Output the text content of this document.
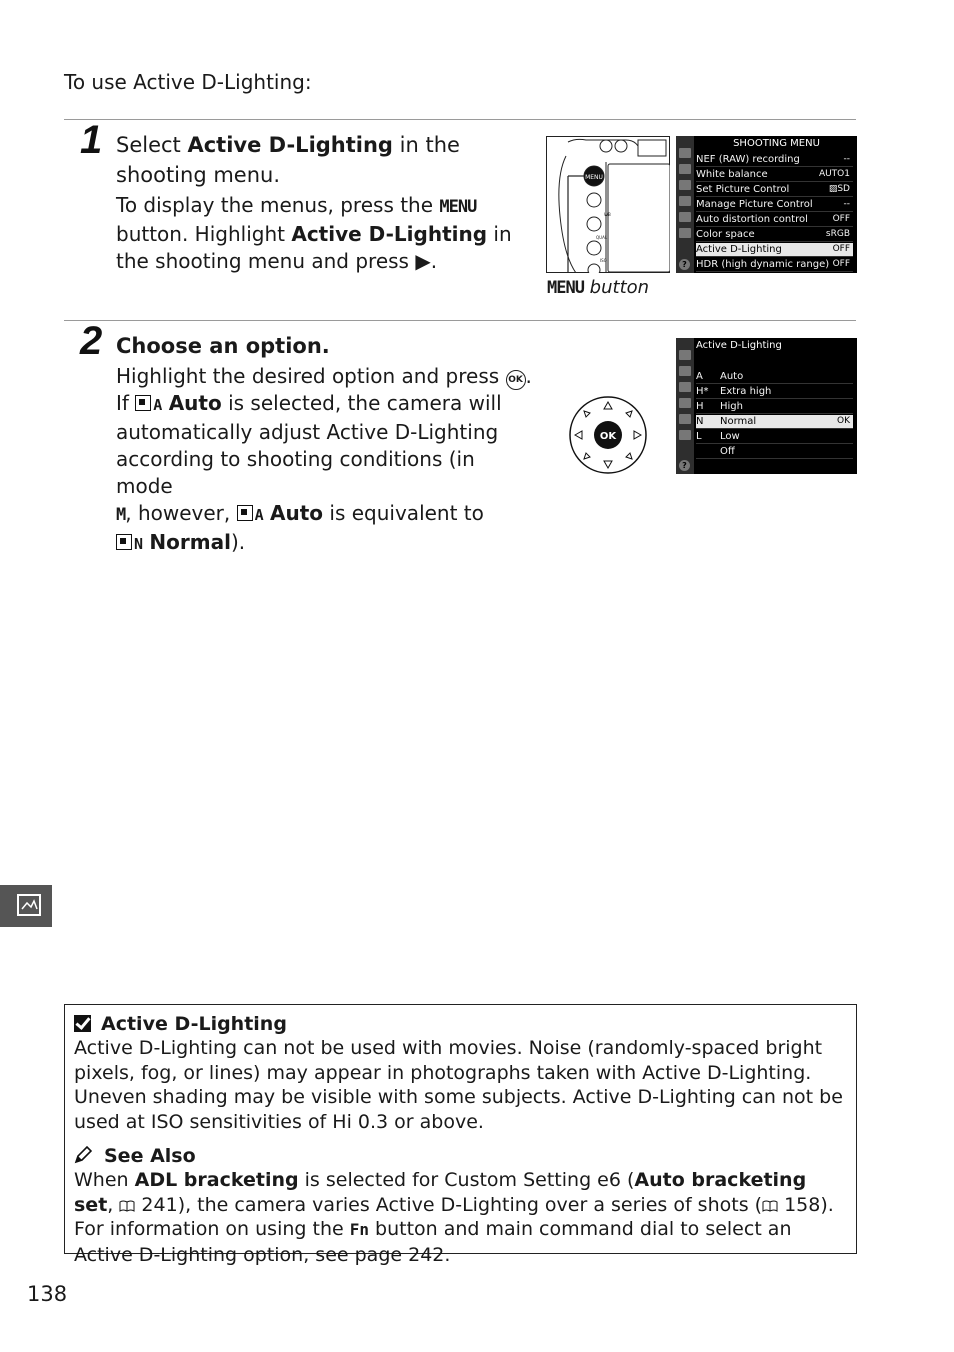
To use Active D-Lighting:
1 Select Active D-Lighting in the shooting menu.
To display the menus, press the MENU button. Highlight Active D-Lighting in the shooting menu and press ▶.
MENU
WB
QUAL
ISO
MENU button
SHOOTING MENU
NEF (RAW) recording	--
White balance	AUTO1
Set Picture Control	▨SD
Manage Picture Control	--
Auto distortion control	OFF
Color space	sRGB
Active D-Lighting	OFF
HDR (high dynamic range) OFF
?
2 Choose an option.
Highlight the desired option and press OK .
If A Auto is selected, the camera will
automatically adjust Active D-Lighting
according to shooting conditions (in mode
M, however, A Auto is equivalent to
N Normal).
OK
Active D-Lighting
A Auto
H* Extra high
H High
N Normal	OK
L Low
Off
?
Active D-Lighting
Active D-Lighting can not be used with movies. Noise (randomly-spaced bright pixels, fog, or lines) may appear in photographs taken with Active D-Lighting. Uneven shading may be visible with some subjects. Active D-Lighting can not be used at ISO sensitivities of Hi 0.3 or above.
See Also
When ADL bracketing is selected for Custom Setting e6 (Auto bracketing set,  241), the camera varies Active D-Lighting over a series of shots ( 158). For information on using the Fn button and main command dial to select an Active D-Lighting option, see page 242.
138
